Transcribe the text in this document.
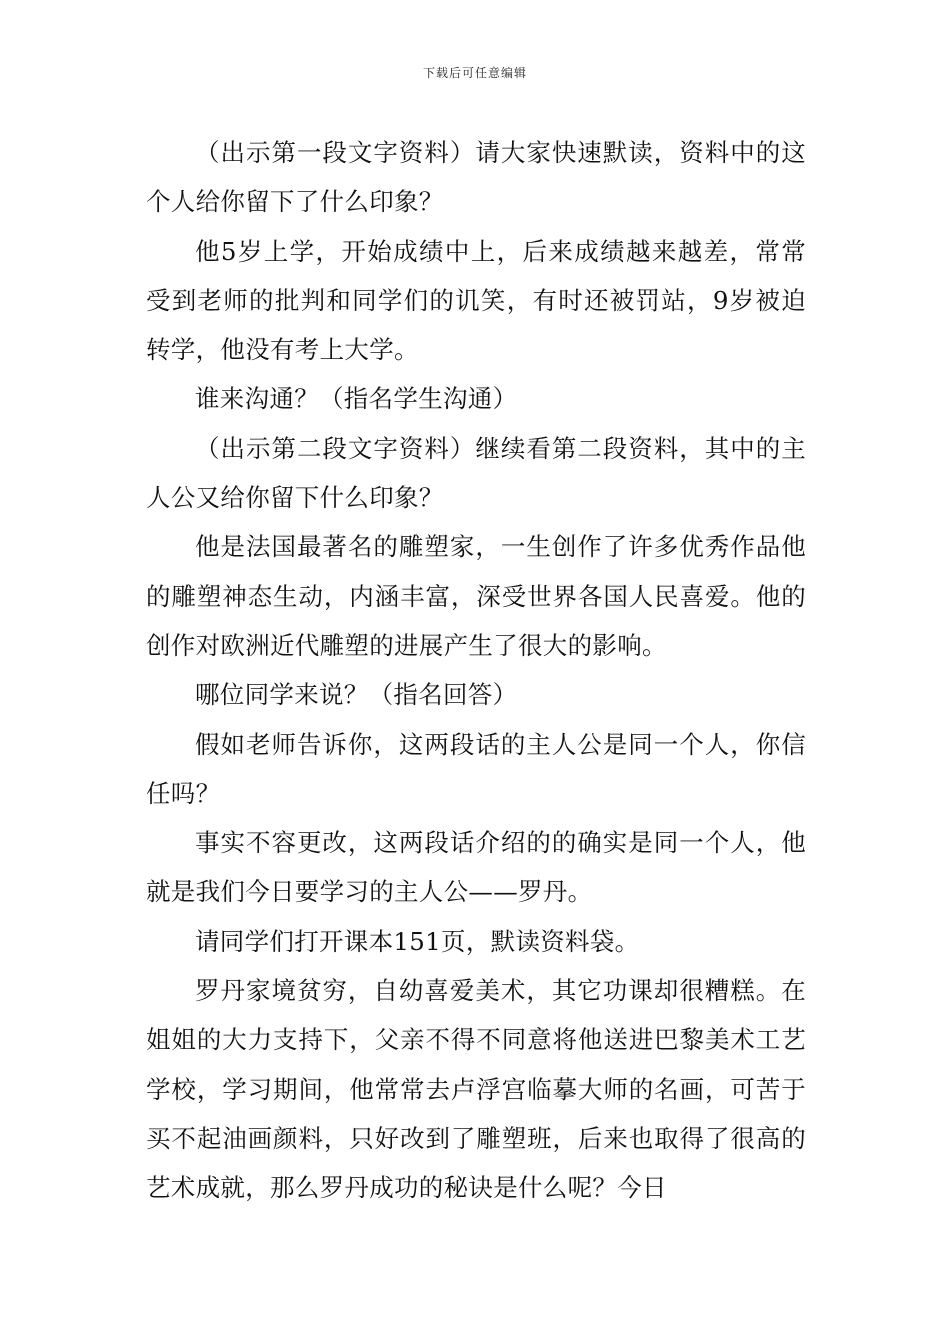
下载后可任意编辑

（出示第一段文字资料）请大家快速默读，资料中的这个人给你留下了什么印象？

他5岁上学，开始成绩中上，后来成绩越来越差，常常受到老师的批判和同学们的讥笑，有时还被罚站，9岁被迫转学，他没有考上大学。

谁来沟通？（指名学生沟通）

（出示第二段文字资料）继续看第二段资料，其中的主人公又给你留下什么印象？

他是法国最著名的雕塑家，一生创作了许多优秀作品他的雕塑神态生动，内涵丰富，深受世界各国人民喜爱。他的创作对欧洲近代雕塑的进展产生了很大的影响。

哪位同学来说？（指名回答）

假如老师告诉你，这两段话的主人公是同一个人，你信任吗？

事实不容更改，这两段话介绍的的确实是同一个人，他就是我们今日要学习的主人公——罗丹。

请同学们打开课本151页，默读资料袋。

罗丹家境贫穷，自幼喜爱美术，其它功课却很糟糕。在姐姐的大力支持下，父亲不得不同意将他送进巴黎美术工艺学校，学习期间，他常常去卢浮宫临摹大师的名画，可苦于买不起油画颜料，只好改到了雕塑班，后来也取得了很高的艺术成就，那么罗丹成功的秘诀是什么呢？今日
